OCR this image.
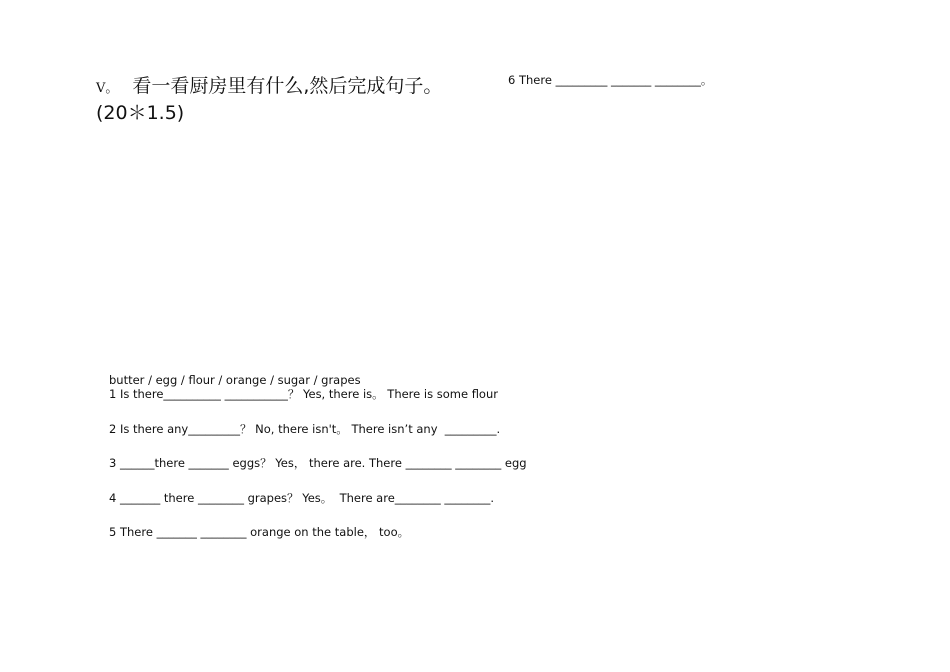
Ⅴ。 看一看厨房里有什么,然后完成句子。
(20＊1.5)
6 There _________ _______ ________。
butter / egg / flour / orange / sugar / grapes
1 Is there__________ ___________？ Yes, there is。 There is some flour
2 Is there any_________？ No, there isn't。 There isn’t any  _________.
3 ______there _______ eggs？ Yes， there are. There ________ ________ egg
4 _______ there ________ grapes？ Yes。  There are________ ________.
5 There _______ ________ orange on the table， too。
